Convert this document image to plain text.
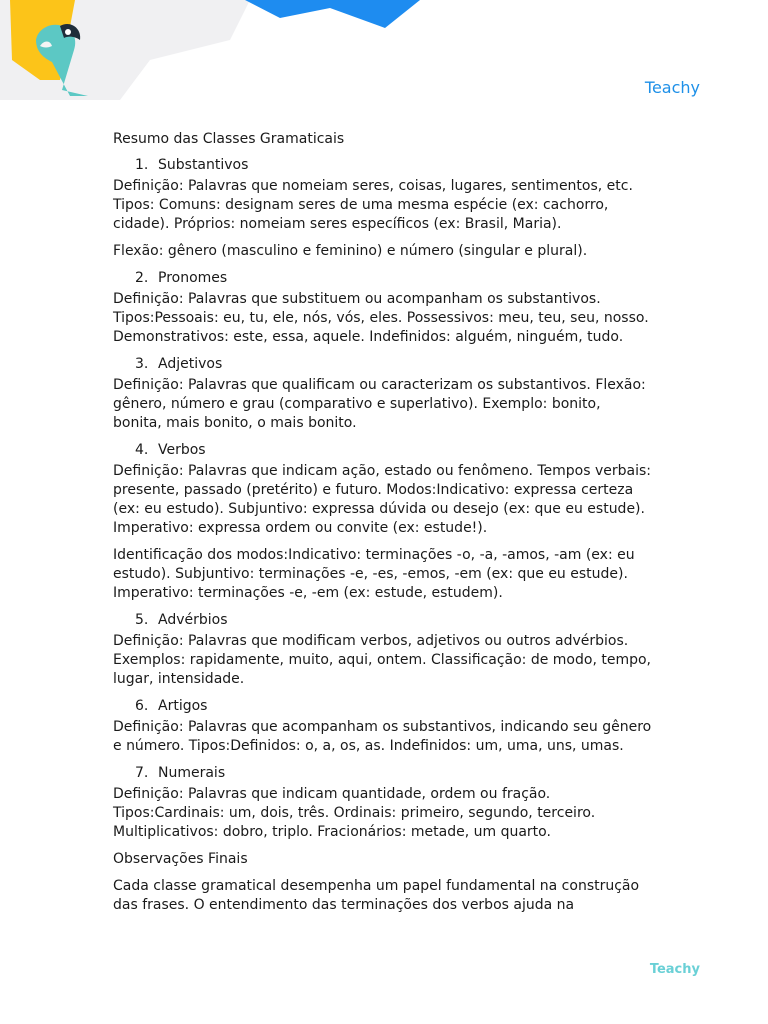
Teachy

Resumo das Classes Gramaticais

1. Substantivos

Definição: Palavras que nomeiam seres, coisas, lugares, sentimentos, etc. Tipos: Comuns: designam seres de uma mesma espécie (ex: cachorro, cidade). Próprios: nomeiam seres específicos (ex: Brasil, Maria).

Flexão: gênero (masculino e feminino) e número (singular e plural).

2. Pronomes

Definição: Palavras que substituem ou acompanham os substantivos. Tipos:Pessoais: eu, tu, ele, nós, vós, eles. Possessivos: meu, teu, seu, nosso. Demonstrativos: este, essa, aquele. Indefinidos: alguém, ninguém, tudo.

3. Adjetivos

Definição: Palavras que qualificam ou caracterizam os substantivos. Flexão: gênero, número e grau (comparativo e superlativo). Exemplo: bonito, bonita, mais bonito, o mais bonito.

4. Verbos

Definição: Palavras que indicam ação, estado ou fenômeno. Tempos verbais: presente, passado (pretérito) e futuro. Modos:Indicativo: expressa certeza (ex: eu estudo). Subjuntivo: expressa dúvida ou desejo (ex: que eu estude). Imperativo: expressa ordem ou convite (ex: estude!).

Identificação dos modos:Indicativo: terminações -o, -a, -amos, -am (ex: eu estudo). Subjuntivo: terminações -e, -es, -emos, -em (ex: que eu estude). Imperativo: terminações -e, -em (ex: estude, estudem).

5. Advérbios

Definição: Palavras que modificam verbos, adjetivos ou outros advérbios. Exemplos: rapidamente, muito, aqui, ontem. Classificação: de modo, tempo, lugar, intensidade.

6. Artigos

Definição: Palavras que acompanham os substantivos, indicando seu gênero e número. Tipos:Definidos: o, a, os, as. Indefinidos: um, uma, uns, umas.

7. Numerais

Definição: Palavras que indicam quantidade, ordem ou fração. Tipos:Cardinais: um, dois, três. Ordinais: primeiro, segundo, terceiro. Multiplicativos: dobro, triplo. Fracionários: metade, um quarto.

Observações Finais

Cada classe gramatical desempenha um papel fundamental na construção das frases. O entendimento das terminações dos verbos ajuda na

Teachy
